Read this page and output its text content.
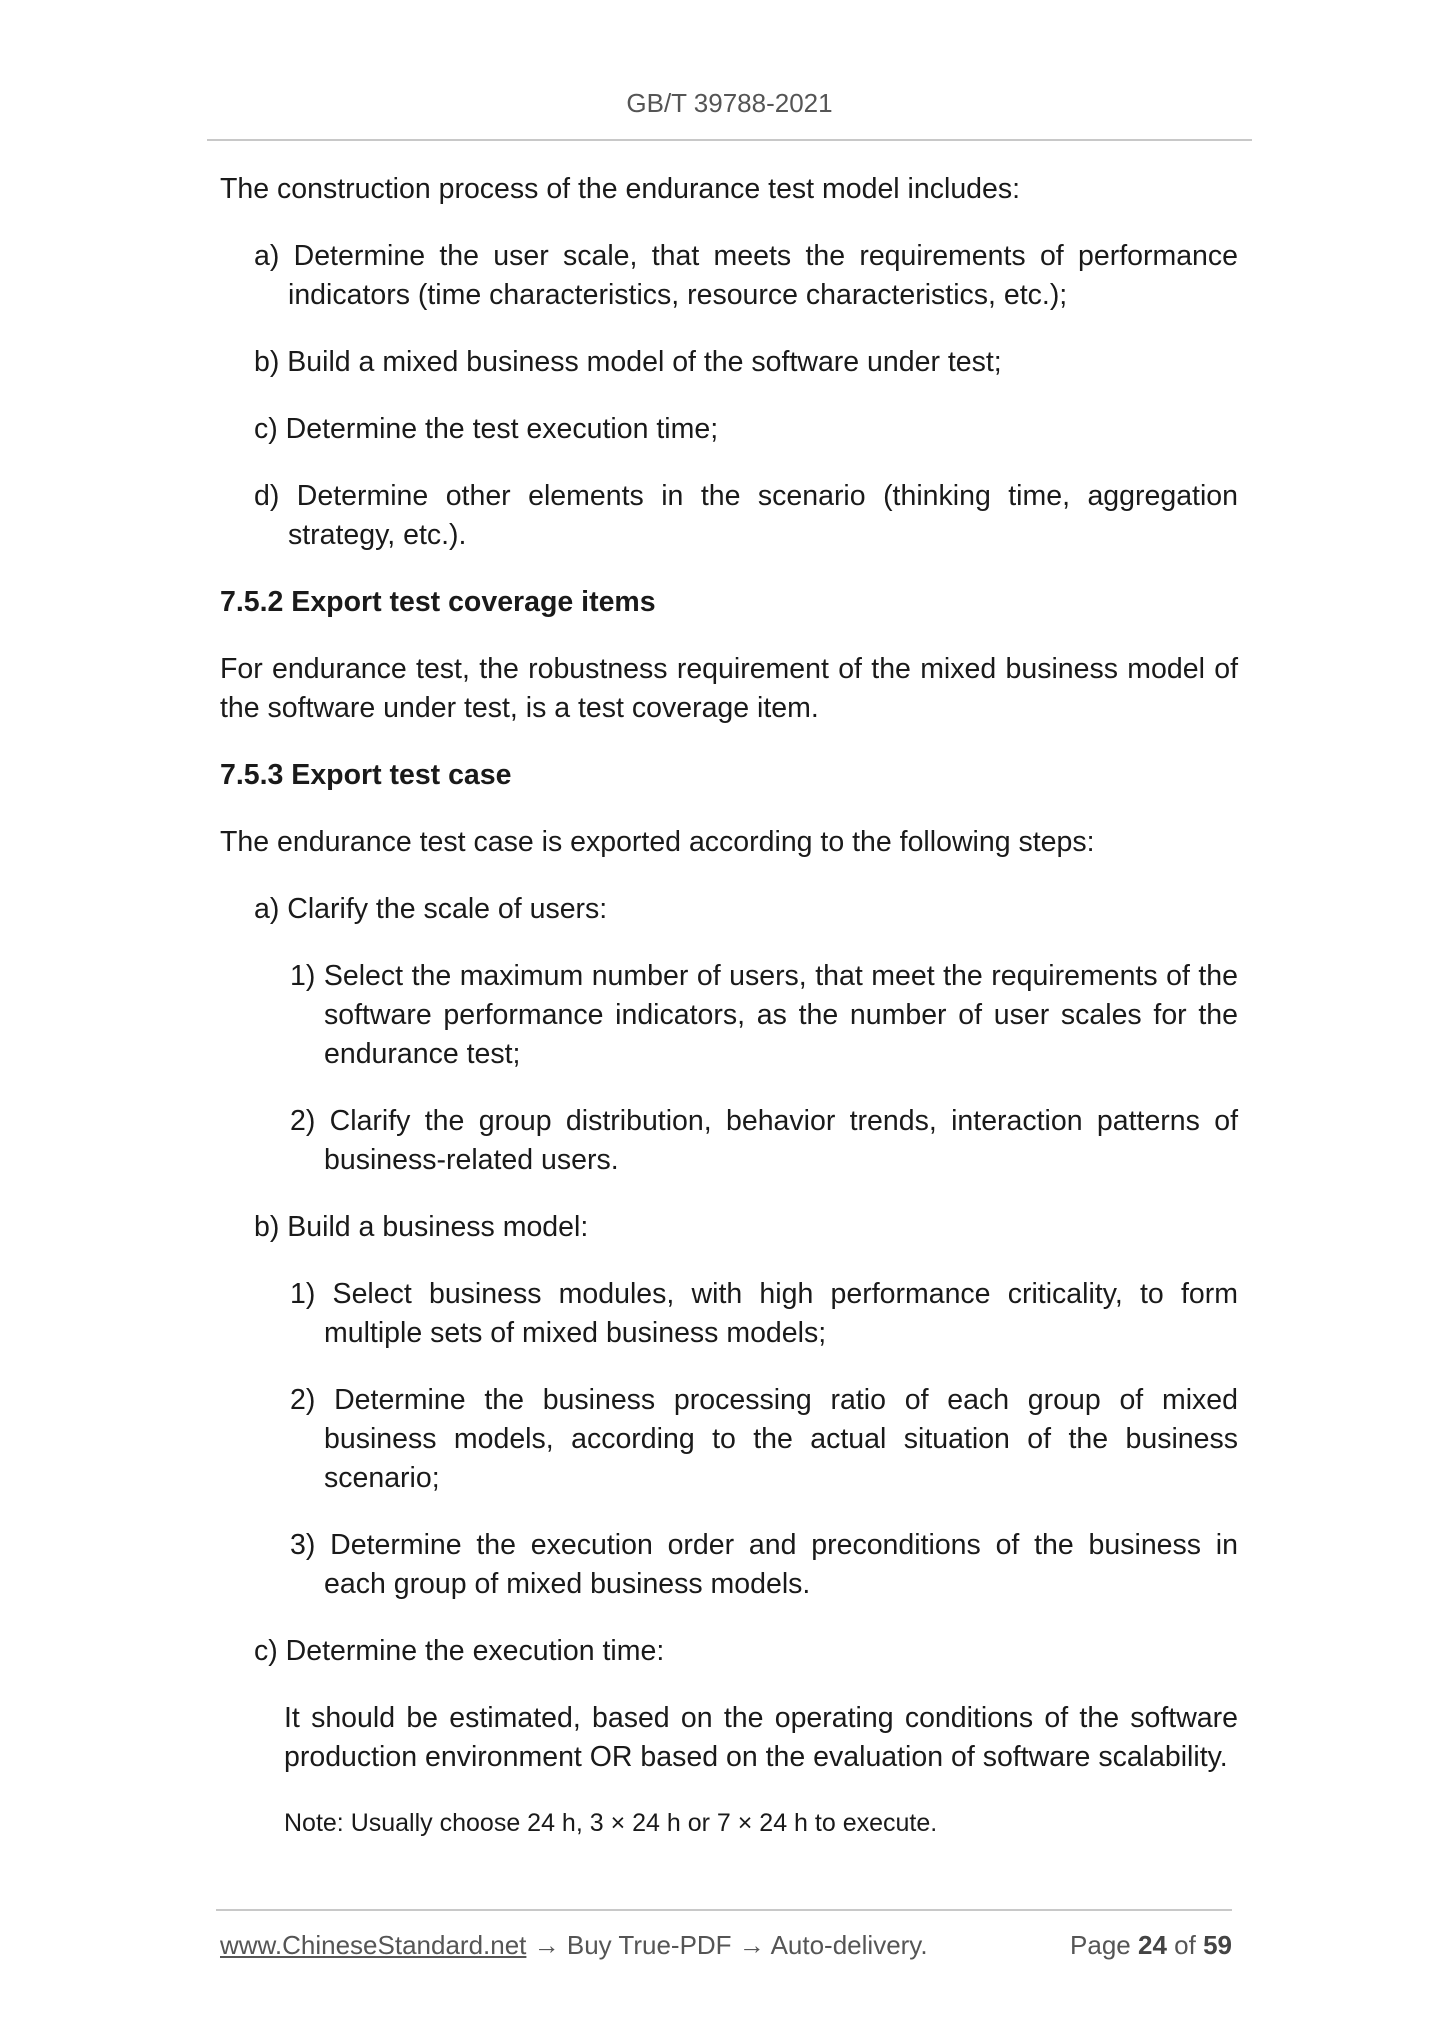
GB/T 39788-2021

The construction process of the endurance test model includes:

a) Determine the user scale, that meets the requirements of performance indicators (time characteristics, resource characteristics, etc.);

b) Build a mixed business model of the software under test;

c) Determine the test execution time;

d) Determine other elements in the scenario (thinking time, aggregation strategy, etc.).

7.5.2 Export test coverage items

For endurance test, the robustness requirement of the mixed business model of the software under test, is a test coverage item.

7.5.3 Export test case

The endurance test case is exported according to the following steps:

a) Clarify the scale of users:

1) Select the maximum number of users, that meet the requirements of the software performance indicators, as the number of user scales for the endurance test;

2) Clarify the group distribution, behavior trends, interaction patterns of business-related users.

b) Build a business model:

1) Select business modules, with high performance criticality, to form multiple sets of mixed business models;

2) Determine the business processing ratio of each group of mixed business models, according to the actual situation of the business scenario;

3) Determine the execution order and preconditions of the business in each group of mixed business models.

c) Determine the execution time:

It should be estimated, based on the operating conditions of the software production environment OR based on the evaluation of software scalability.

Note: Usually choose 24 h, 3 × 24 h or 7 × 24 h to execute.

www.ChineseStandard.net → Buy True-PDF → Auto-delivery.	Page 24 of 59
